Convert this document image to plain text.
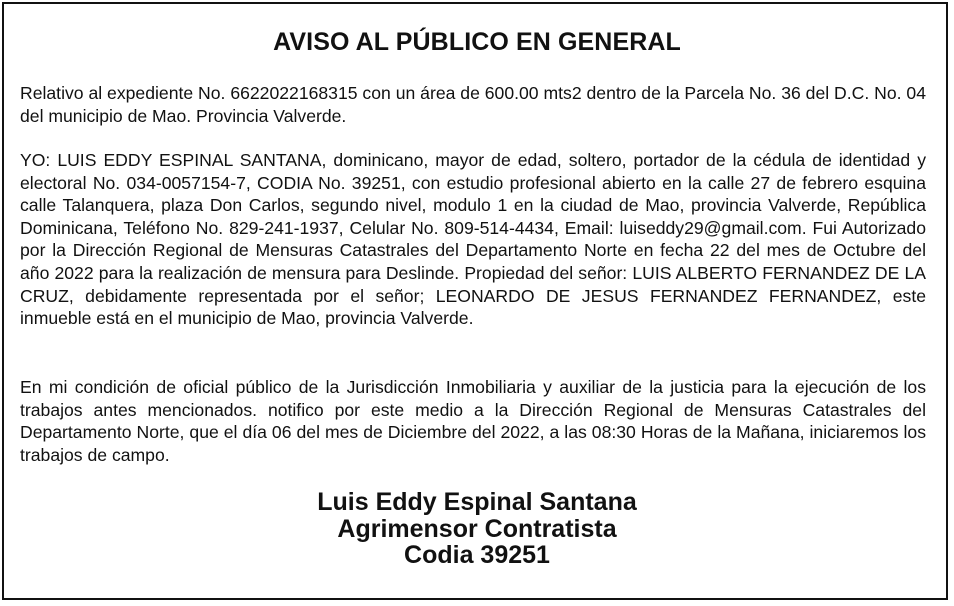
AVISO AL PÚBLICO EN GENERAL

Relativo al expediente No. 6622022168315 con un área de 600.00 mts2 dentro de la Parcela No. 36 del D.C. No. 04 del municipio de Mao. Provincia Valverde.

YO: LUIS EDDY ESPINAL SANTANA, dominicano, mayor de edad, soltero, portador de la cédula de identidad y electoral No. 034-0057154-7, CODIA No. 39251, con estudio profesional abierto en la calle 27 de febrero esquina calle Talanquera, plaza Don Carlos, segundo nivel, modulo 1 en la ciudad de Mao, provincia Valverde, República Dominicana, Teléfono No. 829-241-1937, Celular No. 809-514-4434, Email: luiseddy29@gmail.com. Fui Autorizado por la Dirección Regional de Mensuras Catastrales del Departamento Norte en fecha 22 del mes de Octubre del año 2022 para la realización de mensura para Deslinde. Propiedad del señor: LUIS ALBERTO FERNANDEZ DE LA CRUZ, debidamente representada por el señor; LEONARDO DE JESUS FERNANDEZ FERNANDEZ, este inmueble está en el municipio de Mao, provincia Valverde.

En mi condición de oficial público de la Jurisdicción Inmobiliaria y auxiliar de la justicia para la ejecución de los trabajos antes mencionados. notifico por este medio a la Dirección Regional de Mensuras Catastrales del Departamento Norte, que el día 06 del mes de Diciembre del 2022, a las 08:30 Horas de la Mañana, iniciaremos los trabajos de campo.

Luis Eddy Espinal Santana
Agrimensor Contratista
Codia 39251
